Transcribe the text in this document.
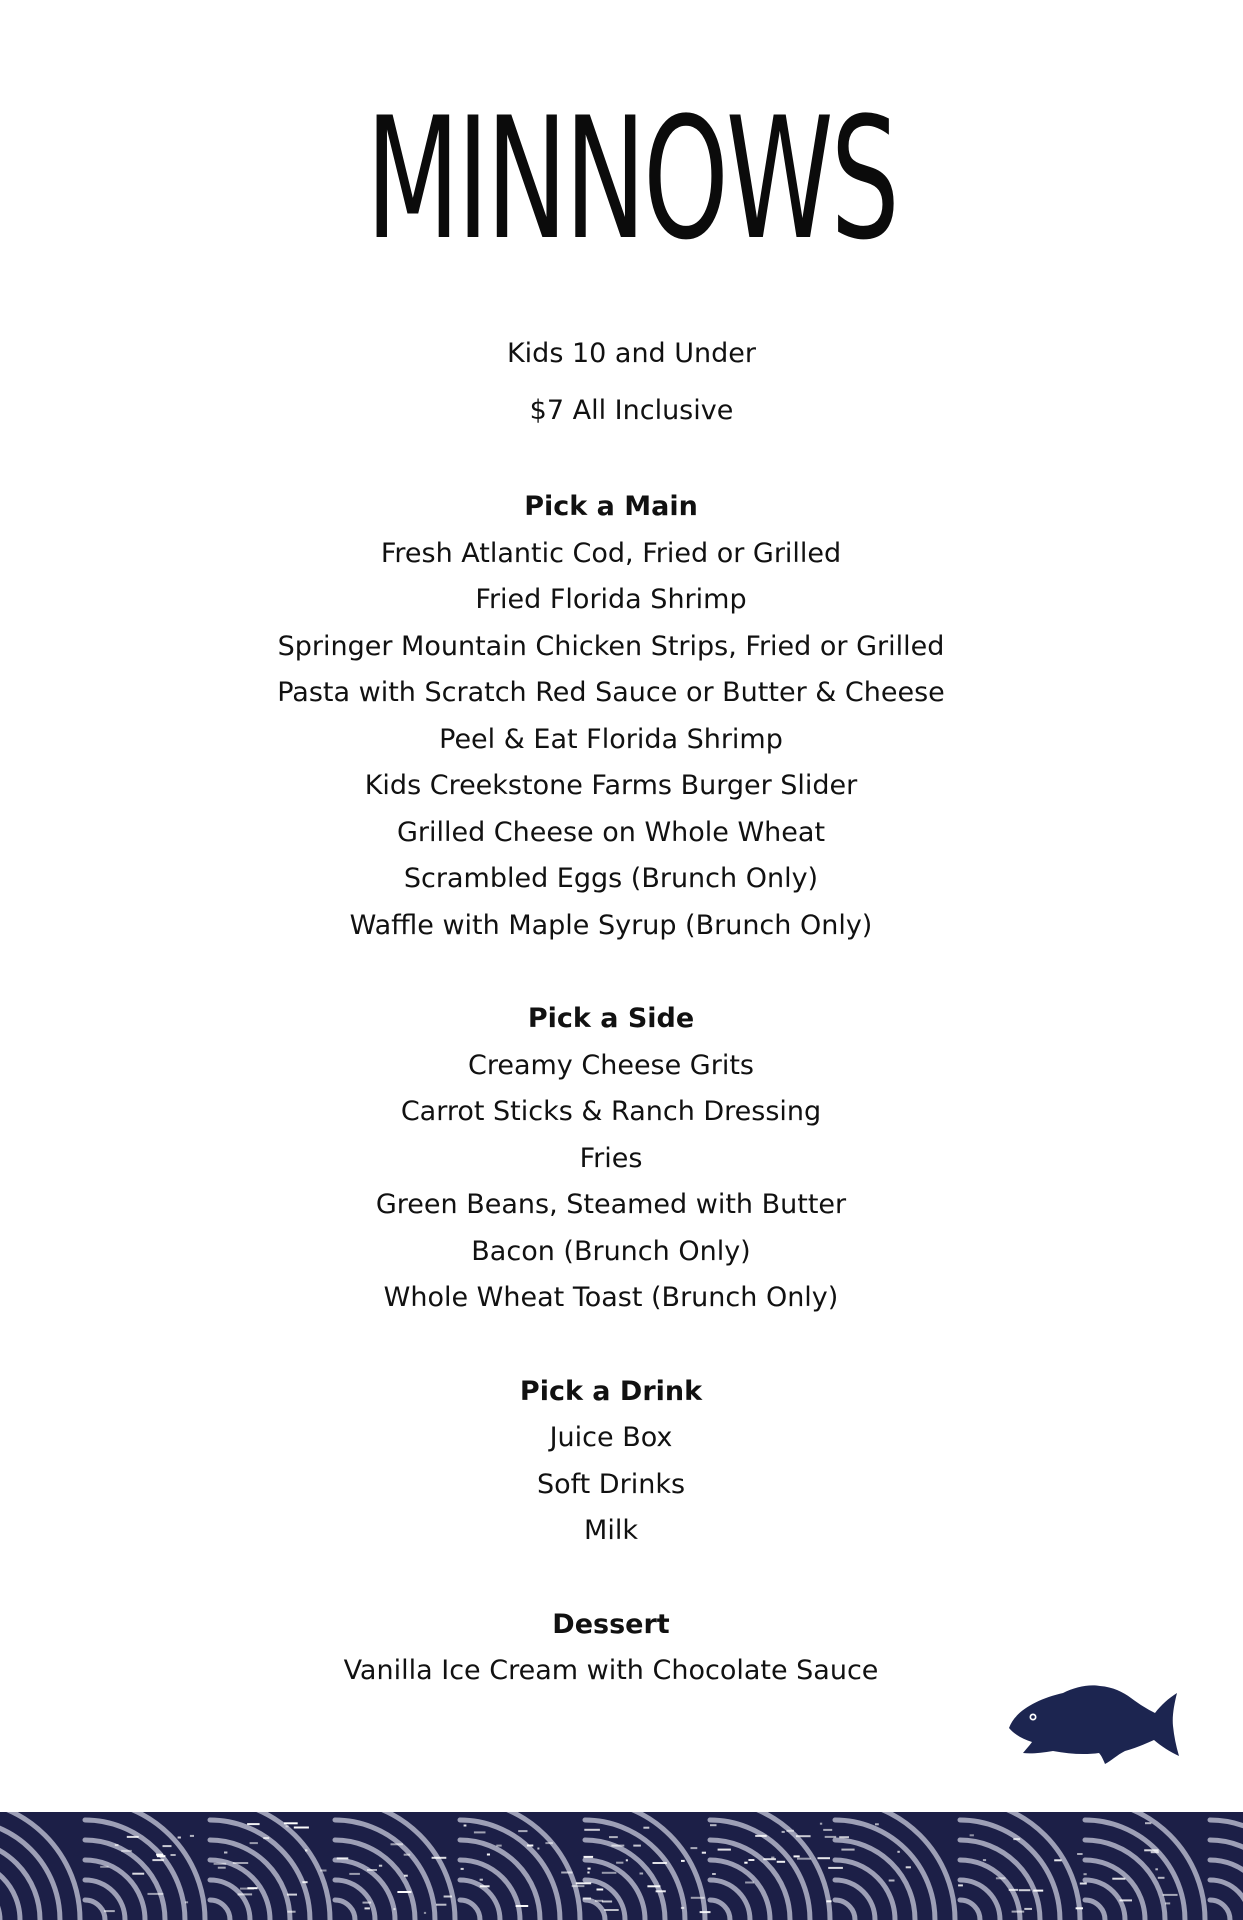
MINNOWS
Kids 10 and Under
$7 All Inclusive
Pick a Main
Fresh Atlantic Cod, Fried or Grilled
Fried Florida Shrimp
Springer Mountain Chicken Strips, Fried or Grilled
Pasta with Scratch Red Sauce or Butter & Cheese
Peel & Eat Florida Shrimp
Kids Creekstone Farms Burger Slider
Grilled Cheese on Whole Wheat
Scrambled Eggs (Brunch Only)
Waffle with Maple Syrup (Brunch Only)
Pick a Side
Creamy Cheese Grits
Carrot Sticks & Ranch Dressing
Fries
Green Beans, Steamed with Butter
Bacon (Brunch Only)
Whole Wheat Toast (Brunch Only)
Pick a Drink
Juice Box
Soft Drinks
Milk
Dessert
Vanilla Ice Cream with Chocolate Sauce
